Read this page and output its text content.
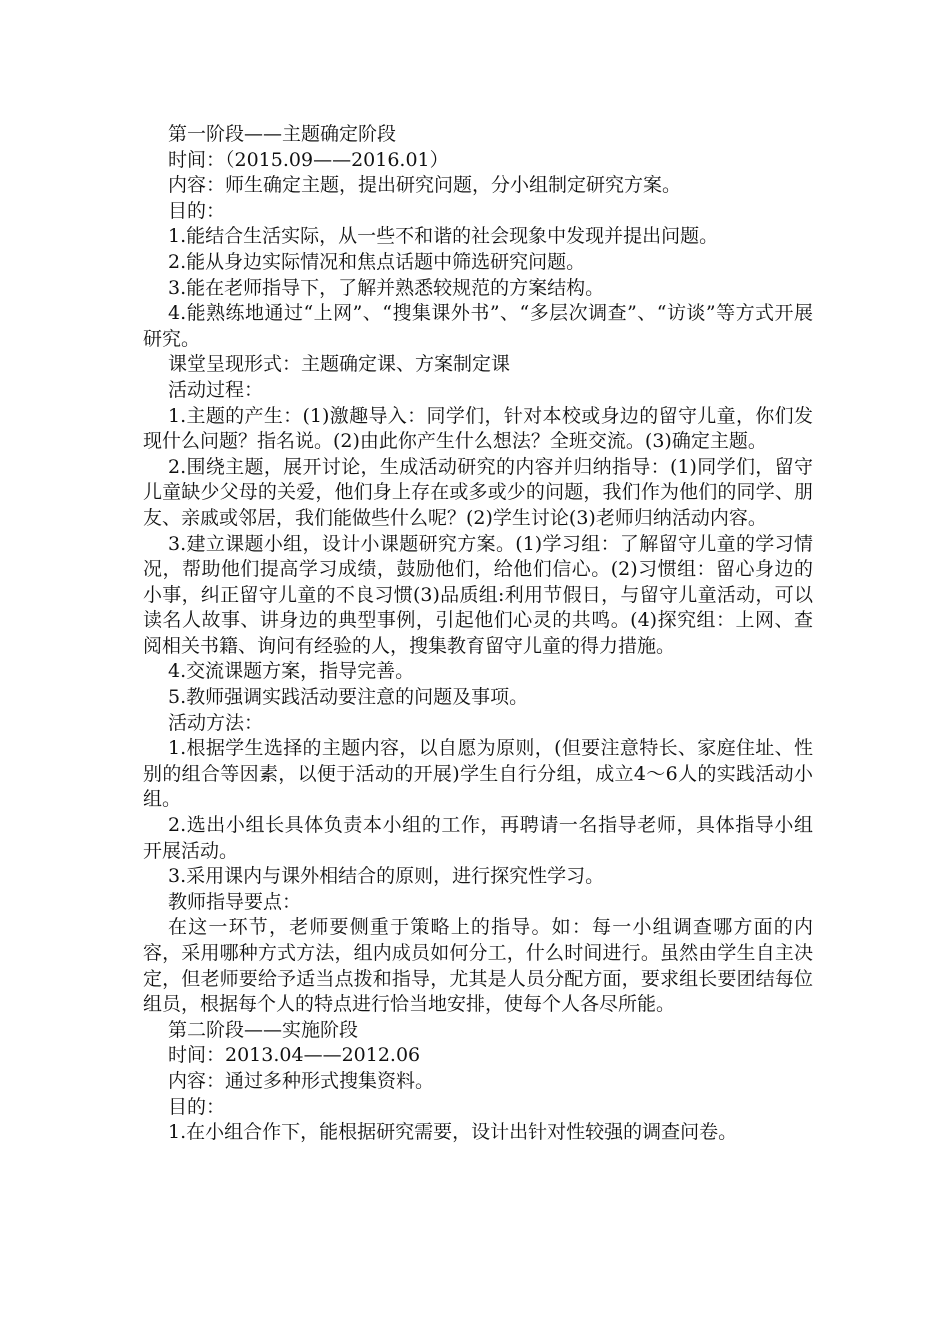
第一阶段——主题确定阶段

时间：（2015.09——2016.01）

内容：师生确定主题，提出研究问题，分小组制定研究方案。

目的：

1.能结合生活实际，从一些不和谐的社会现象中发现并提出问题。

2.能从身边实际情况和焦点话题中筛选研究问题。

3.能在老师指导下，了解并熟悉较规范的方案结构。

4.能熟练地通过“上网”、“搜集课外书”、“多层次调查”、“访谈”等方式开展研究。

课堂呈现形式：主题确定课、方案制定课

活动过程：

1.主题的产生：(1)激趣导入：同学们，针对本校或身边的留守儿童，你们发现什么问题？指名说。(2)由此你产生什么想法？全班交流。(3)确定主题。

2.围绕主题，展开讨论，生成活动研究的内容并归纳指导：(1)同学们，留守儿童缺少父母的关爱，他们身上存在或多或少的问题，我们作为他们的同学、朋友、亲戚或邻居，我们能做些什么呢？(2)学生讨论(3)老师归纳活动内容。

3.建立课题小组，设计小课题研究方案。(1)学习组：了解留守儿童的学习情况，帮助他们提高学习成绩，鼓励他们，给他们信心。(2)习惯组：留心身边的小事，纠正留守儿童的不良习惯(3)品质组:利用节假日，与留守儿童活动，可以读名人故事、讲身边的典型事例，引起他们心灵的共鸣。(4)探究组：上网、查阅相关书籍、询问有经验的人，搜集教育留守儿童的得力措施。

4.交流课题方案，指导完善。

5.教师强调实践活动要注意的问题及事项。

活动方法：

1.根据学生选择的主题内容，以自愿为原则，(但要注意特长、家庭住址、性别的组合等因素，以便于活动的开展)学生自行分组，成立4～6人的实践活动小组。

2.选出小组长具体负责本小组的工作，再聘请一名指导老师，具体指导小组开展活动。

3.采用课内与课外相结合的原则，进行探究性学习。

教师指导要点：

在这一环节，老师要侧重于策略上的指导。如：每一小组调查哪方面的内容，采用哪种方式方法，组内成员如何分工，什么时间进行。虽然由学生自主决定，但老师要给予适当点拨和指导，尤其是人员分配方面，要求组长要团结每位组员，根据每个人的特点进行恰当地安排，使每个人各尽所能。

第二阶段——实施阶段

时间：2013.04——2012.06

内容：通过多种形式搜集资料。

目的：

1.在小组合作下，能根据研究需要，设计出针对性较强的调查问卷。
